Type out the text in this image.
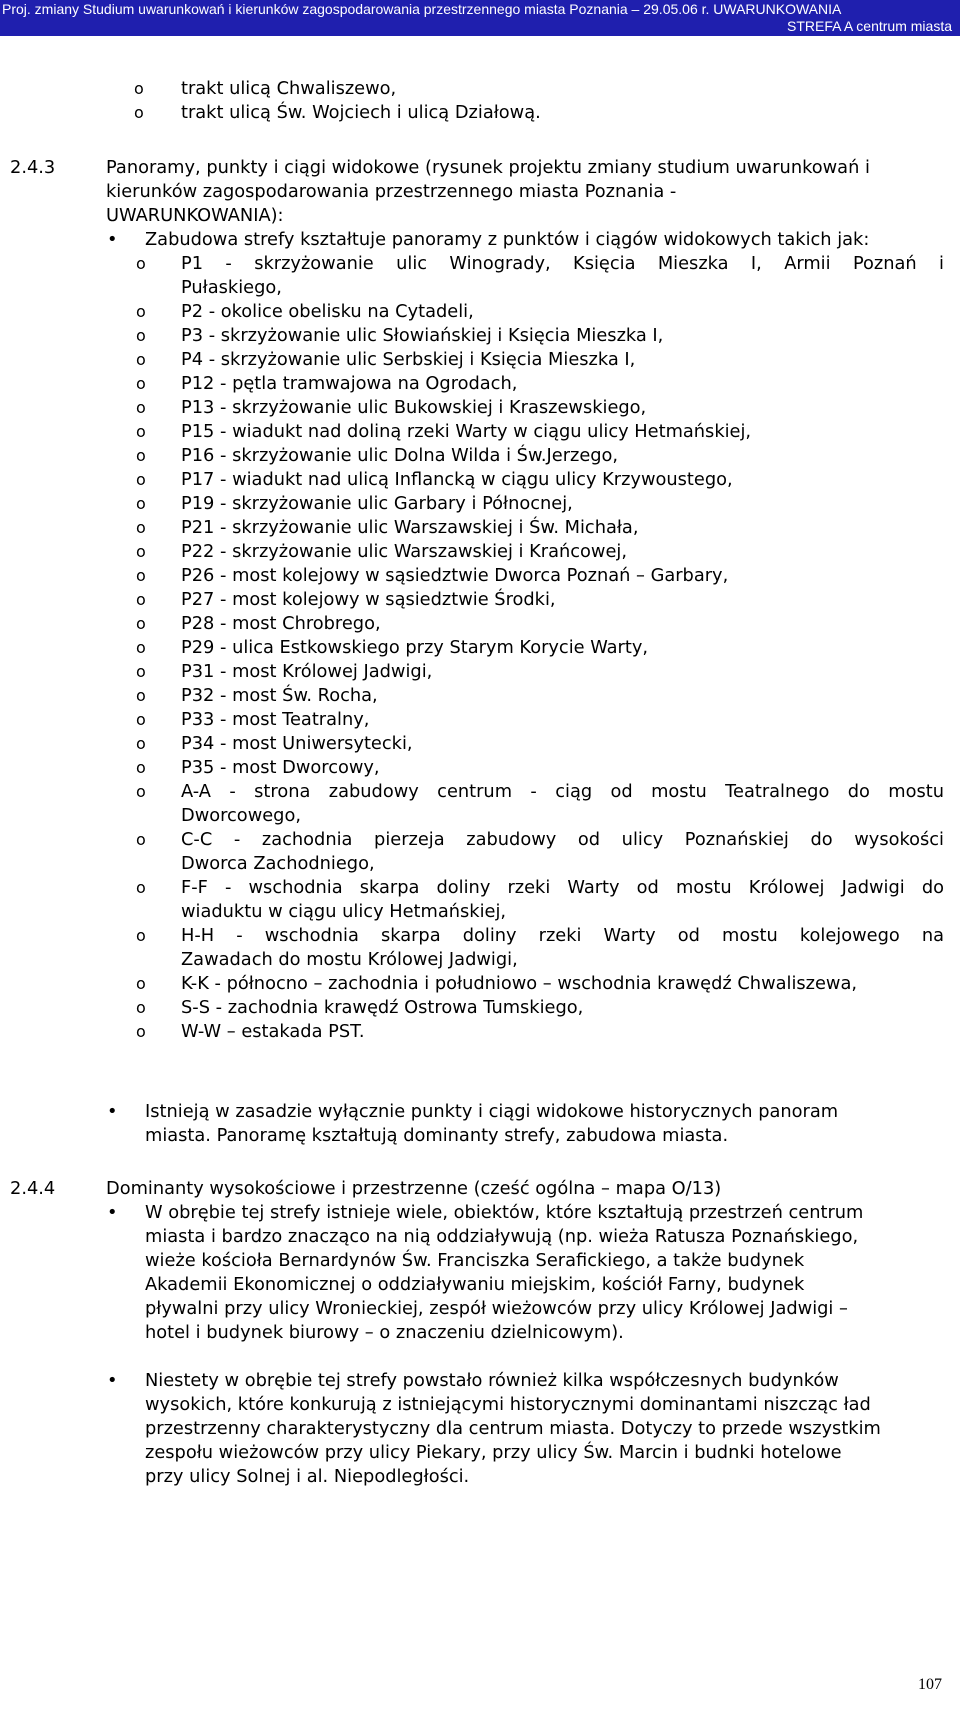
Proj. zmiany Studium uwarunkowań i kierunków zagospodarowania przestrzennego miasta Poznania – 29.05.06 r. UWARUNKOWANIA
STREFA A centrum miasta
o trakt ulicą Chwaliszewo,
o trakt ulicą Św. Wojciech i ulicą Działową.
2.4.3	Panoramy, punkty i ciągi widokowe (rysunek projektu zmiany studium uwarunkowań i
kierunków zagospodarowania przestrzennego miasta Poznania -
UWARUNKOWANIA):
• Zabudowa strefy kształtuje panoramy z punktów i ciągów widokowych takich jak:
o P1 - skrzyżowanie ulic Winogrady, Księcia Mieszka I, Armii Poznań i
Pułaskiego,
o P2 - okolice obelisku na Cytadeli,
o P3 - skrzyżowanie ulic Słowiańskiej i Księcia Mieszka I,
o P4 - skrzyżowanie ulic Serbskiej i Księcia Mieszka I,
o P12 - pętla tramwajowa na Ogrodach,
o P13 - skrzyżowanie ulic Bukowskiej i Kraszewskiego,
o P15 - wiadukt nad doliną rzeki Warty w ciągu ulicy Hetmańskiej,
o P16 - skrzyżowanie ulic Dolna Wilda i Św.Jerzego,
o P17 - wiadukt nad ulicą Inflancką w ciągu ulicy Krzywoustego,
o P19 - skrzyżowanie ulic Garbary i Północnej,
o P21 - skrzyżowanie ulic Warszawskiej i Św. Michała,
o P22 - skrzyżowanie ulic Warszawskiej i Krańcowej,
o P26 - most kolejowy w sąsiedztwie Dworca Poznań – Garbary,
o P27 - most kolejowy w sąsiedztwie Środki,
o P28 - most Chrobrego,
o P29 - ulica Estkowskiego przy Starym Korycie Warty,
o P31 - most Królowej Jadwigi,
o P32 - most Św. Rocha,
o P33 - most Teatralny,
o P34 - most Uniwersytecki,
o P35 - most Dworcowy,
o A-A - strona zabudowy centrum - ciąg od mostu Teatralnego do mostu
Dworcowego,
o C-C - zachodnia pierzeja zabudowy od ulicy Poznańskiej do wysokości
Dworca Zachodniego,
o F-F - wschodnia skarpa doliny rzeki Warty od mostu Królowej Jadwigi do
wiaduktu w ciągu ulicy Hetmańskiej,
o H-H - wschodnia skarpa doliny rzeki Warty od mostu kolejowego na
Zawadach do mostu Królowej Jadwigi,
o K-K - północno – zachodnia i południowo – wschodnia krawędź Chwaliszewa,
o S-S - zachodnia krawędź Ostrowa Tumskiego,
o W-W – estakada PST.
• Istnieją w zasadzie wyłącznie punkty i ciągi widokowe historycznych panoram
miasta. Panoramę kształtują dominanty strefy, zabudowa miasta.
2.4.4	Dominanty wysokościowe i przestrzenne (cześć ogólna – mapa O/13)
• W obrębie tej strefy istnieje wiele, obiektów, które kształtują przestrzeń centrum
miasta i bardzo znacząco na nią oddziaływują (np. wieża Ratusza Poznańskiego,
wieże kościoła Bernardynów Św. Franciszka Serafickiego, a także budynek
Akademii Ekonomicznej o oddziaływaniu miejskim, kościół Farny, budynek
pływalni przy ulicy Wronieckiej, zespół wieżowców przy ulicy Królowej Jadwigi –
hotel i budynek biurowy – o znaczeniu dzielnicowym).
• Niestety w obrębie tej strefy powstało również kilka współczesnych budynków
wysokich, które konkurują z istniejącymi historycznymi dominantami niszcząc ład
przestrzenny charakterystyczny dla centrum miasta. Dotyczy to przede wszystkim
zespołu wieżowców przy ulicy Piekary, przy ulicy Św. Marcin i budnki hotelowe
przy ulicy Solnej i al. Niepodległości.
107
